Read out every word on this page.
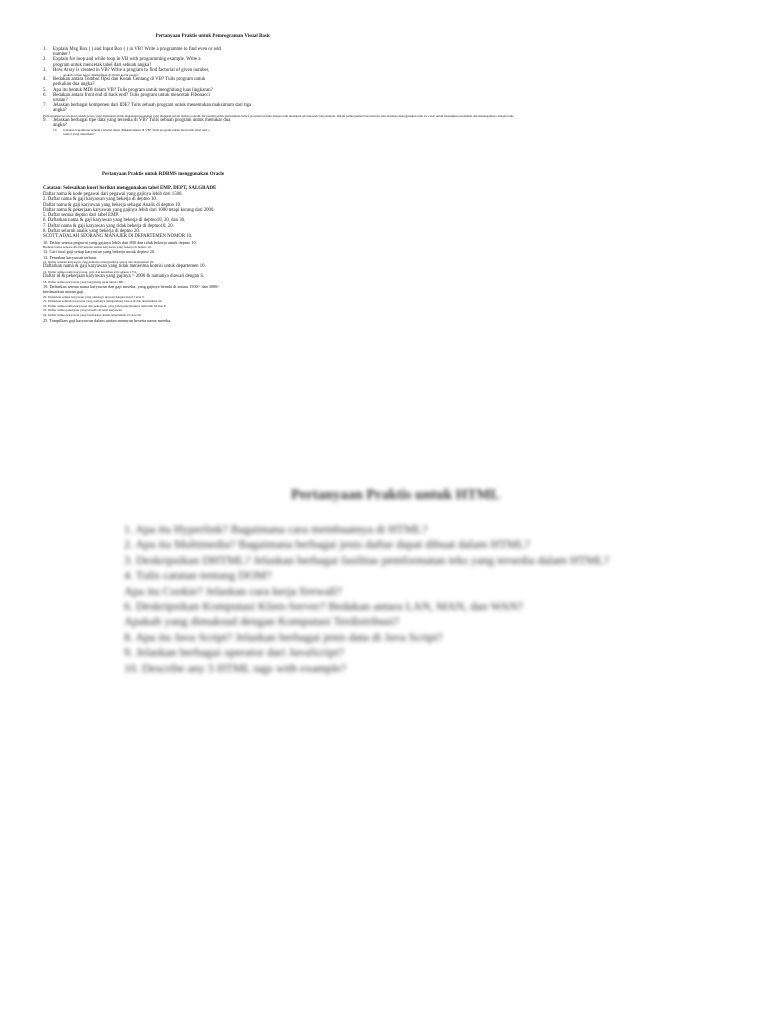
Pertanyaan Praktis untuk Pemrograman Visual Basic
1.	Explain Msg Box ( ) and Input Box ( ) in VB? Write a programme to find even or odd
number?
2.	Explain for loop and while loop in VB with programming example. Write a
program untuk mencetak tabel dari sebuah angka?
3.	How Array is created in VB? Write a program to find factorial of given number,
apakah output harus ditampilkan di dalam kotak pesan?
4.	Bedakan antara Tombol Opsi dan Kotak Centang di VB? Tulis program untuk
perkalian dua angka?
5.	Apa itu bentuk MDI dalam VB? Tulis program untuk menghitung luas lingkaran?
6.	Bedakan antara front end di back end? Tulis program untuk mencetak Fibonacci
urutan?
7.	Jelaskan berbagai komponen dari IDE? Tulis sebuah program untuk menemukan maksimum dari tiga
angka?
Pemrograman berorientasi adalah proses yang digunakan untuk menangani kesalahan yang mungkin terjadi dalam program. Ini penting untuk memastikan bahwa program berjalan dengan baik meskipun ada masalah yang muncul. Dalam pemrograman berorientasi, kita biasanya menggunakan blok try-catch untuk menangkap kesalahan dan menanganinya dengan baik.
9.	Jelaskan berbagai tipe data yang tersedia di VB? Tulis sebuah program untuk menukar dua
angka?
10.	Jelaskan bagaimana sebuah variabel dapat dideklarasikan di VB? Tulis program untuk mencetak tabel dari a
nomor yang diberikan?
Pertanyaan Praktis untuk RDBMS menggunakan Oracle
Catatan: Selesaikan kueri berikut menggunakan tabel EMP, DEPT, SALGRADE
Daftar nama & kode pegawai dari pegawai yang gajinya lebih dari 1500.
2. Daftar nama & gaji karyawan yang bekerja di deptno 10.
Daftar nama & gaji karyawan yang bekerja sebagai Analis di deptno 10.
Daftar nama & pekerjaan karyawan yang gajinya lebih dari 1000 tetapi kurang dari 2000.
5. Daftar semua deptno dari tabel EMP.
6. Daftarkan nama & gaji karyawan yang bekerja di deptno10, 20, dan 30.
7. Daftar nama & gaji karyawan yang tidak bekerja di deptno10, 20.
8. Daftar seluruh analis yang bekerja di deptno 20.
SCOTT ADALAH SEORANG MANAJER DI DEPARTEMEN NOMOR 10.
10. Daftar semua pegawai yang gajinya lebih dari 800 dan tidak bekerja untuk deptno 10.
Berikan bonus sebesar Rs.100 kepada semua karyawan yang bekerja di deptno 10.
12. Cari total gaji setiap karyawan yang bekerja untuk deptno 20.
13. Temukan karyawan terbaru.
14. Daftar seluruh karyawan yang namanya mengandung satu A dan departemen 20.
Daftarkan nama & gaji karyawan yang tidak menerima komisi untuk departemen 10.
16. Daftar semua nama karyawan, gaji, dan kenaikan gaji sebesar 15%.
Daftar id & pekerjaan karyawan yang gajinya > 2000 & namanya diawali dengan S.
18. Daftar semua karyawan yang bergabung pada tahun 1981.
19. Daftarkan semua nama karyawan dan gaji mereka, yang gajinya berada di antara 1500/- dan 3000/-
berdasarkan urutan gaji.
20. Daftarkan semua karyawan yang namanya diawali dengan huruf J atau T.
21. Daftarkan seluruh karyawan yang namanya mengandung satu A di dan departemen 20.
22. Daftar semua nama karyawan dan pekerjaan, yang jabat pekerjaannya termasuk M atau P.
23. Daftar semua pekerjaan yang tersedia di tabel karyawan.
24. Daftar semua karyawan yang bermarkas dalam departemen 10 atau 20.
25. Tampilkan gaji karyawan dalam urutan menurun beserta nama mereka.
Pertanyaan Praktis untuk HTML
1. Apa itu Hyperlink? Bagaimana cara membuatnya di HTML?
2. Apa itu Multimedia? Bagaimana berbagai jenis daftar dapat dibuat dalam HTML?
3. Deskripsikan DHTML? Jelaskan berbagai fasilitas pemformatan teks yang tersedia dalam HTML?
4. Tulis catatan tentang DOM?
Apa itu Cookie? Jelaskan cara kerja firewall?
6. Deskripsikan Komputasi Klien-Server? Bedakan antara LAN, MAN, dan WAN?
Apakah yang dimaksud dengan Komputasi Terdistribusi?
8. Apa itu Java Script? Jelaskan berbagai jenis data di Java Script?
9. Jelaskan berbagai operator dari JavaScript?
10. Describe any 5 HTML tags with example?
